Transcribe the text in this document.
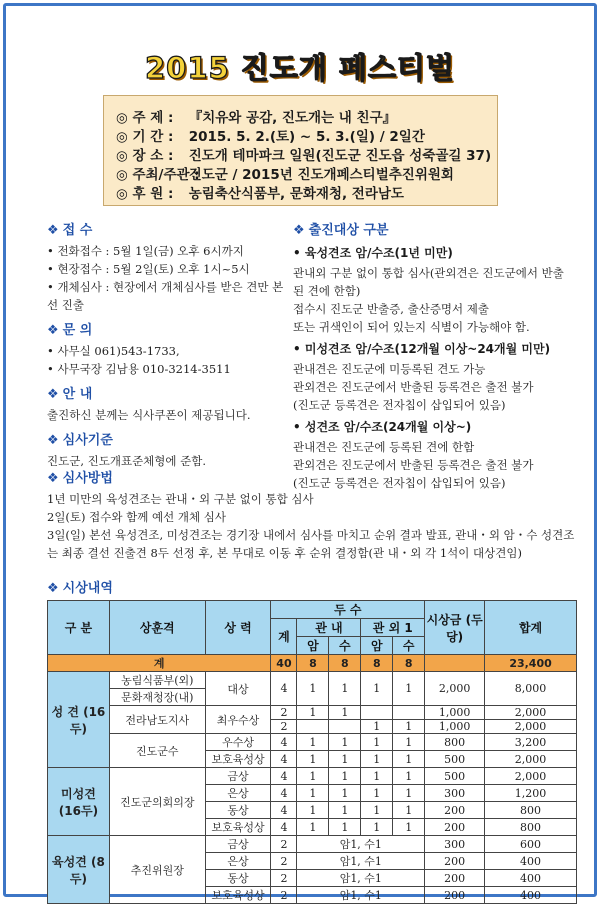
2015 진도개 페스티벌
◎ 주 제 : 『치유와 공감, 진도개는 내 친구』
◎ 기 간 : 2015. 5. 2.(토) ~ 5. 3.(일) / 2일간
◎ 장 소 : 진도개 테마파크 일원(진도군 진도읍 성죽골길 37)
◎ 주최/주관 : 진도군 / 2015년 진도개페스티벌추진위원회
◎ 후 원 : 농림축산식품부, 문화재청, 전라남도
❖ 접 수

• 전화접수 : 5월 1일(금) 오후 6시까지

• 현장접수 : 5월 2일(토) 오후 1시~5시

• 개체심사 : 현장에서 개체심사를 받은 견만 본선 진출

❖ 문 의

• 사무실 061)543-1733,

• 사무국장 김남용 010-3214-3511

❖ 안 내

출진하신 분께는 식사쿠폰이 제공됩니다.

❖ 심사기준

진도군, 진도개표준체형에 준함.

❖ 출진대상 구분
• 육성견조 암/수조(1년 미만)

관내외 구분 없이 통합 심사(관외견은 진도군에서 반출된 견에 한함)

접수시 진도군 반출증, 출산증명서 제출

또는 귀색인이 되어 있는지 식별이 가능해야 함.

• 미성견조 암/수조(12개월 이상~24개월 미만)

관내견은 진도군에 미등록된 견도 가능

관외견은 진도군에서 반출된 등록견은 출전 불가

(진도군 등록견은 전자칩이 삽입되어 있음)

• 성견조 암/수조(24개월 이상~)

관내견은 진도군에 등록된 견에 한함

관외견은 진도군에서 반출된 등록견은 출전 불가

(진도군 등록견은 전자칩이 삽입되어 있음)

❖ 심사방법

1년 미만의 육성견조는 관내・외 구분 없이 통합 심사

2일(토) 접수와 함께 예선 개체 심사

3일(일) 본선 육성견조, 미성견조는 경기장 내에서 심사를 마치고 순위 결과 발표, 관내・외 암・수 성견조는 최종 결선 진출견 8두 선정 후, 본 무대로 이동 후 순위 결정함(관 내・외 각 1석이 대상견임)

❖ 시상내역
구 분	상훈격	상 력	두 수					시상금 (두당)	합계
			계	관 내		관 외 1			
				암	수	암	수		
계			40	8	8	8	8		23,400
성 견 (16두)	농림식품부(외)	대상	4	1	1	1	1	2,000	8,000
	문화재청장(내)								
	전라남도지사	최우수상	2	1	1			1,000	2,000
			2			1	1	1,000	2,000
	진도군수	우수상	4	1	1	1	1	800	3,200
		보호육성상	4	1	1	1	1	500	2,000
미성견 (16두)	진도군의회의장	금상	4	1	1	1	1	500	2,000
		은상	4	1	1	1	1	300	1,200
		동상	4	1	1	1	1	200	800
		보호육성상	4	1	1	1	1	200	800
육성견 (8두)	추진위원장	금상	2	암1, 수1				300	600
		은상	2	암1, 수1				200	400
		동상	2	암1, 수1				200	400
		보호육성상	2	암1, 수1				200	400
